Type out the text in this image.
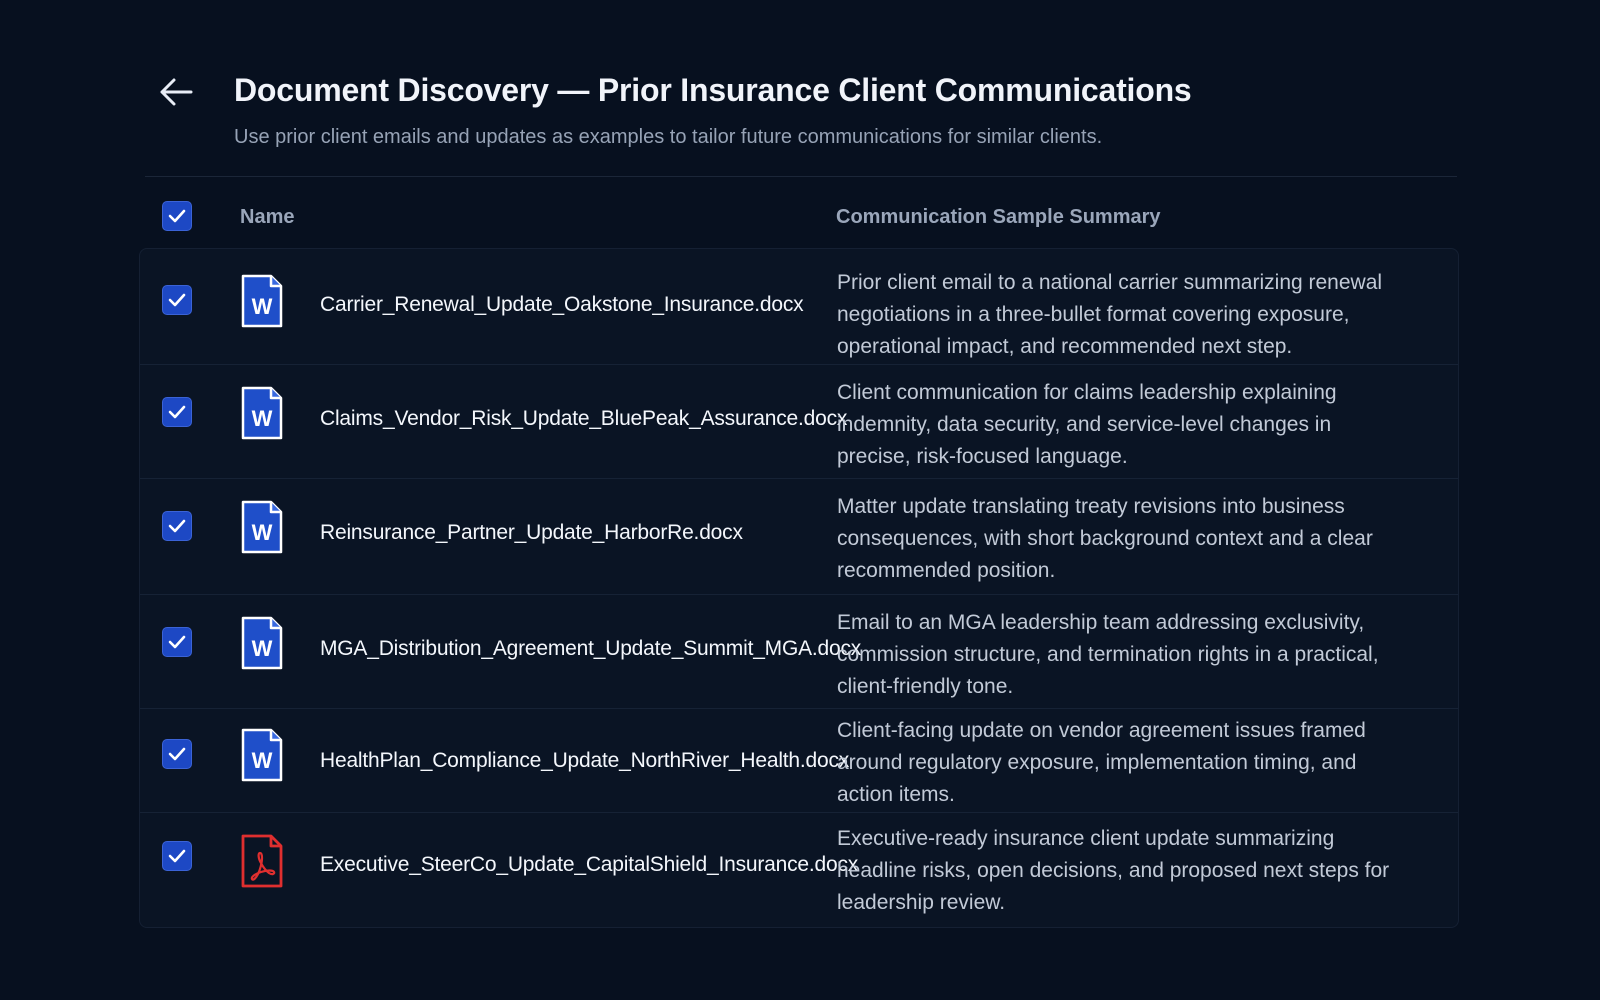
Document Discovery — Prior Insurance Client Communications
Use prior client emails and updates as examples to tailor future communications for similar clients.
Name	Communication Sample Summary
W Carrier_Renewal_Update_Oakstone_Insurance.docx
Prior client email to a national carrier summarizing renewal negotiations in a three-bullet format covering exposure, operational impact, and recommended next step.
W Claims_Vendor_Risk_Update_BluePeak_Assurance.docx
Client communication for claims leadership explaining indemnity, data security, and service-level changes in precise, risk-focused language.
W Reinsurance_Partner_Update_HarborRe.docx
Matter update translating treaty revisions into business consequences, with short background context and a clear recommended position.
W MGA_Distribution_Agreement_Update_Summit_MGA.docx
Email to an MGA leadership team addressing exclusivity, commission structure, and termination rights in a practical, client-friendly tone.
W HealthPlan_Compliance_Update_NorthRiver_Health.docx
Client-facing update on vendor agreement issues framed around regulatory exposure, implementation timing, and action items.
Executive_SteerCo_Update_CapitalShield_Insurance.docx
Executive-ready insurance client update summarizing headline risks, open decisions, and proposed next steps for leadership review.
